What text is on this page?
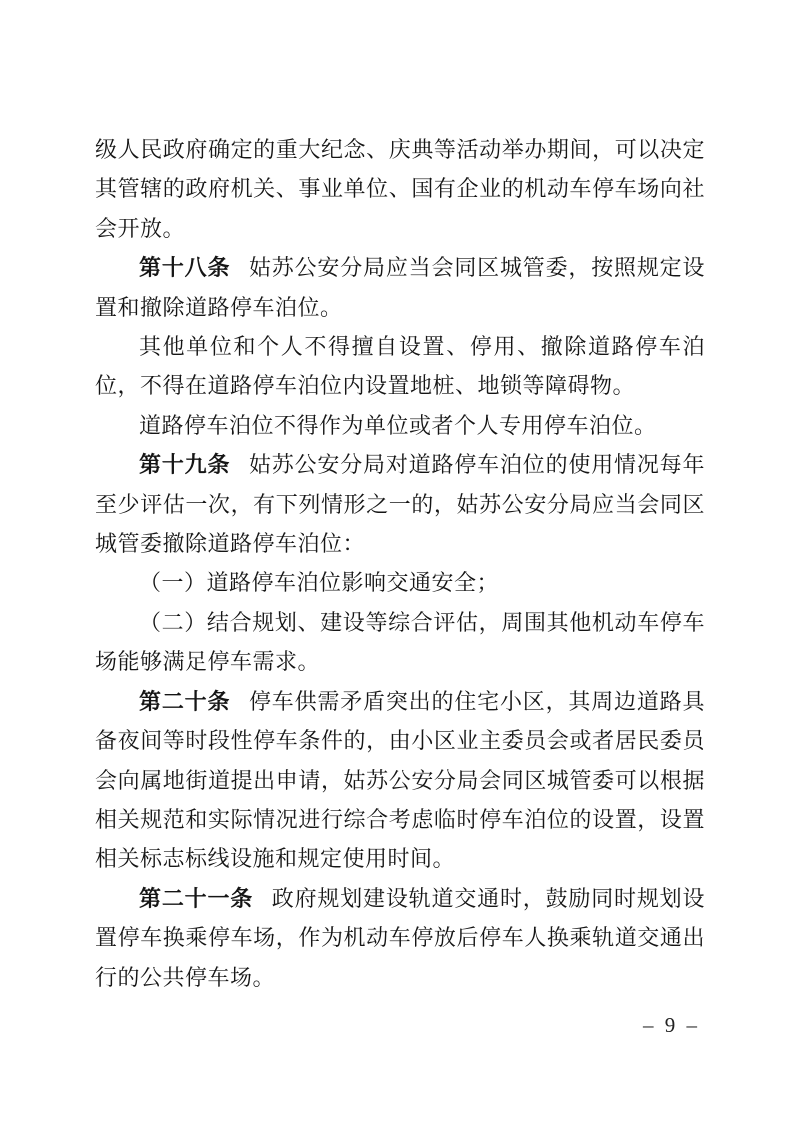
级人民政府确定的重大纪念、庆典等活动举办期间，可以决定其管辖的政府机关、事业单位、国有企业的机动车停车场向社会开放。

第十八条 姑苏公安分局应当会同区城管委，按照规定设置和撤除道路停车泊位。

其他单位和个人不得擅自设置、停用、撤除道路停车泊位，不得在道路停车泊位内设置地桩、地锁等障碍物。

道路停车泊位不得作为单位或者个人专用停车泊位。

第十九条 姑苏公安分局对道路停车泊位的使用情况每年至少评估一次，有下列情形之一的，姑苏公安分局应当会同区城管委撤除道路停车泊位：

（一）道路停车泊位影响交通安全；

（二）结合规划、建设等综合评估，周围其他机动车停车场能够满足停车需求。

第二十条 停车供需矛盾突出的住宅小区，其周边道路具备夜间等时段性停车条件的，由小区业主委员会或者居民委员会向属地街道提出申请，姑苏公安分局会同区城管委可以根据相关规范和实际情况进行综合考虑临时停车泊位的设置，设置相关标志标线设施和规定使用时间。

第二十一条 政府规划建设轨道交通时，鼓励同时规划设置停车换乘停车场，作为机动车停放后停车人换乘轨道交通出行的公共停车场。

– 9 –
